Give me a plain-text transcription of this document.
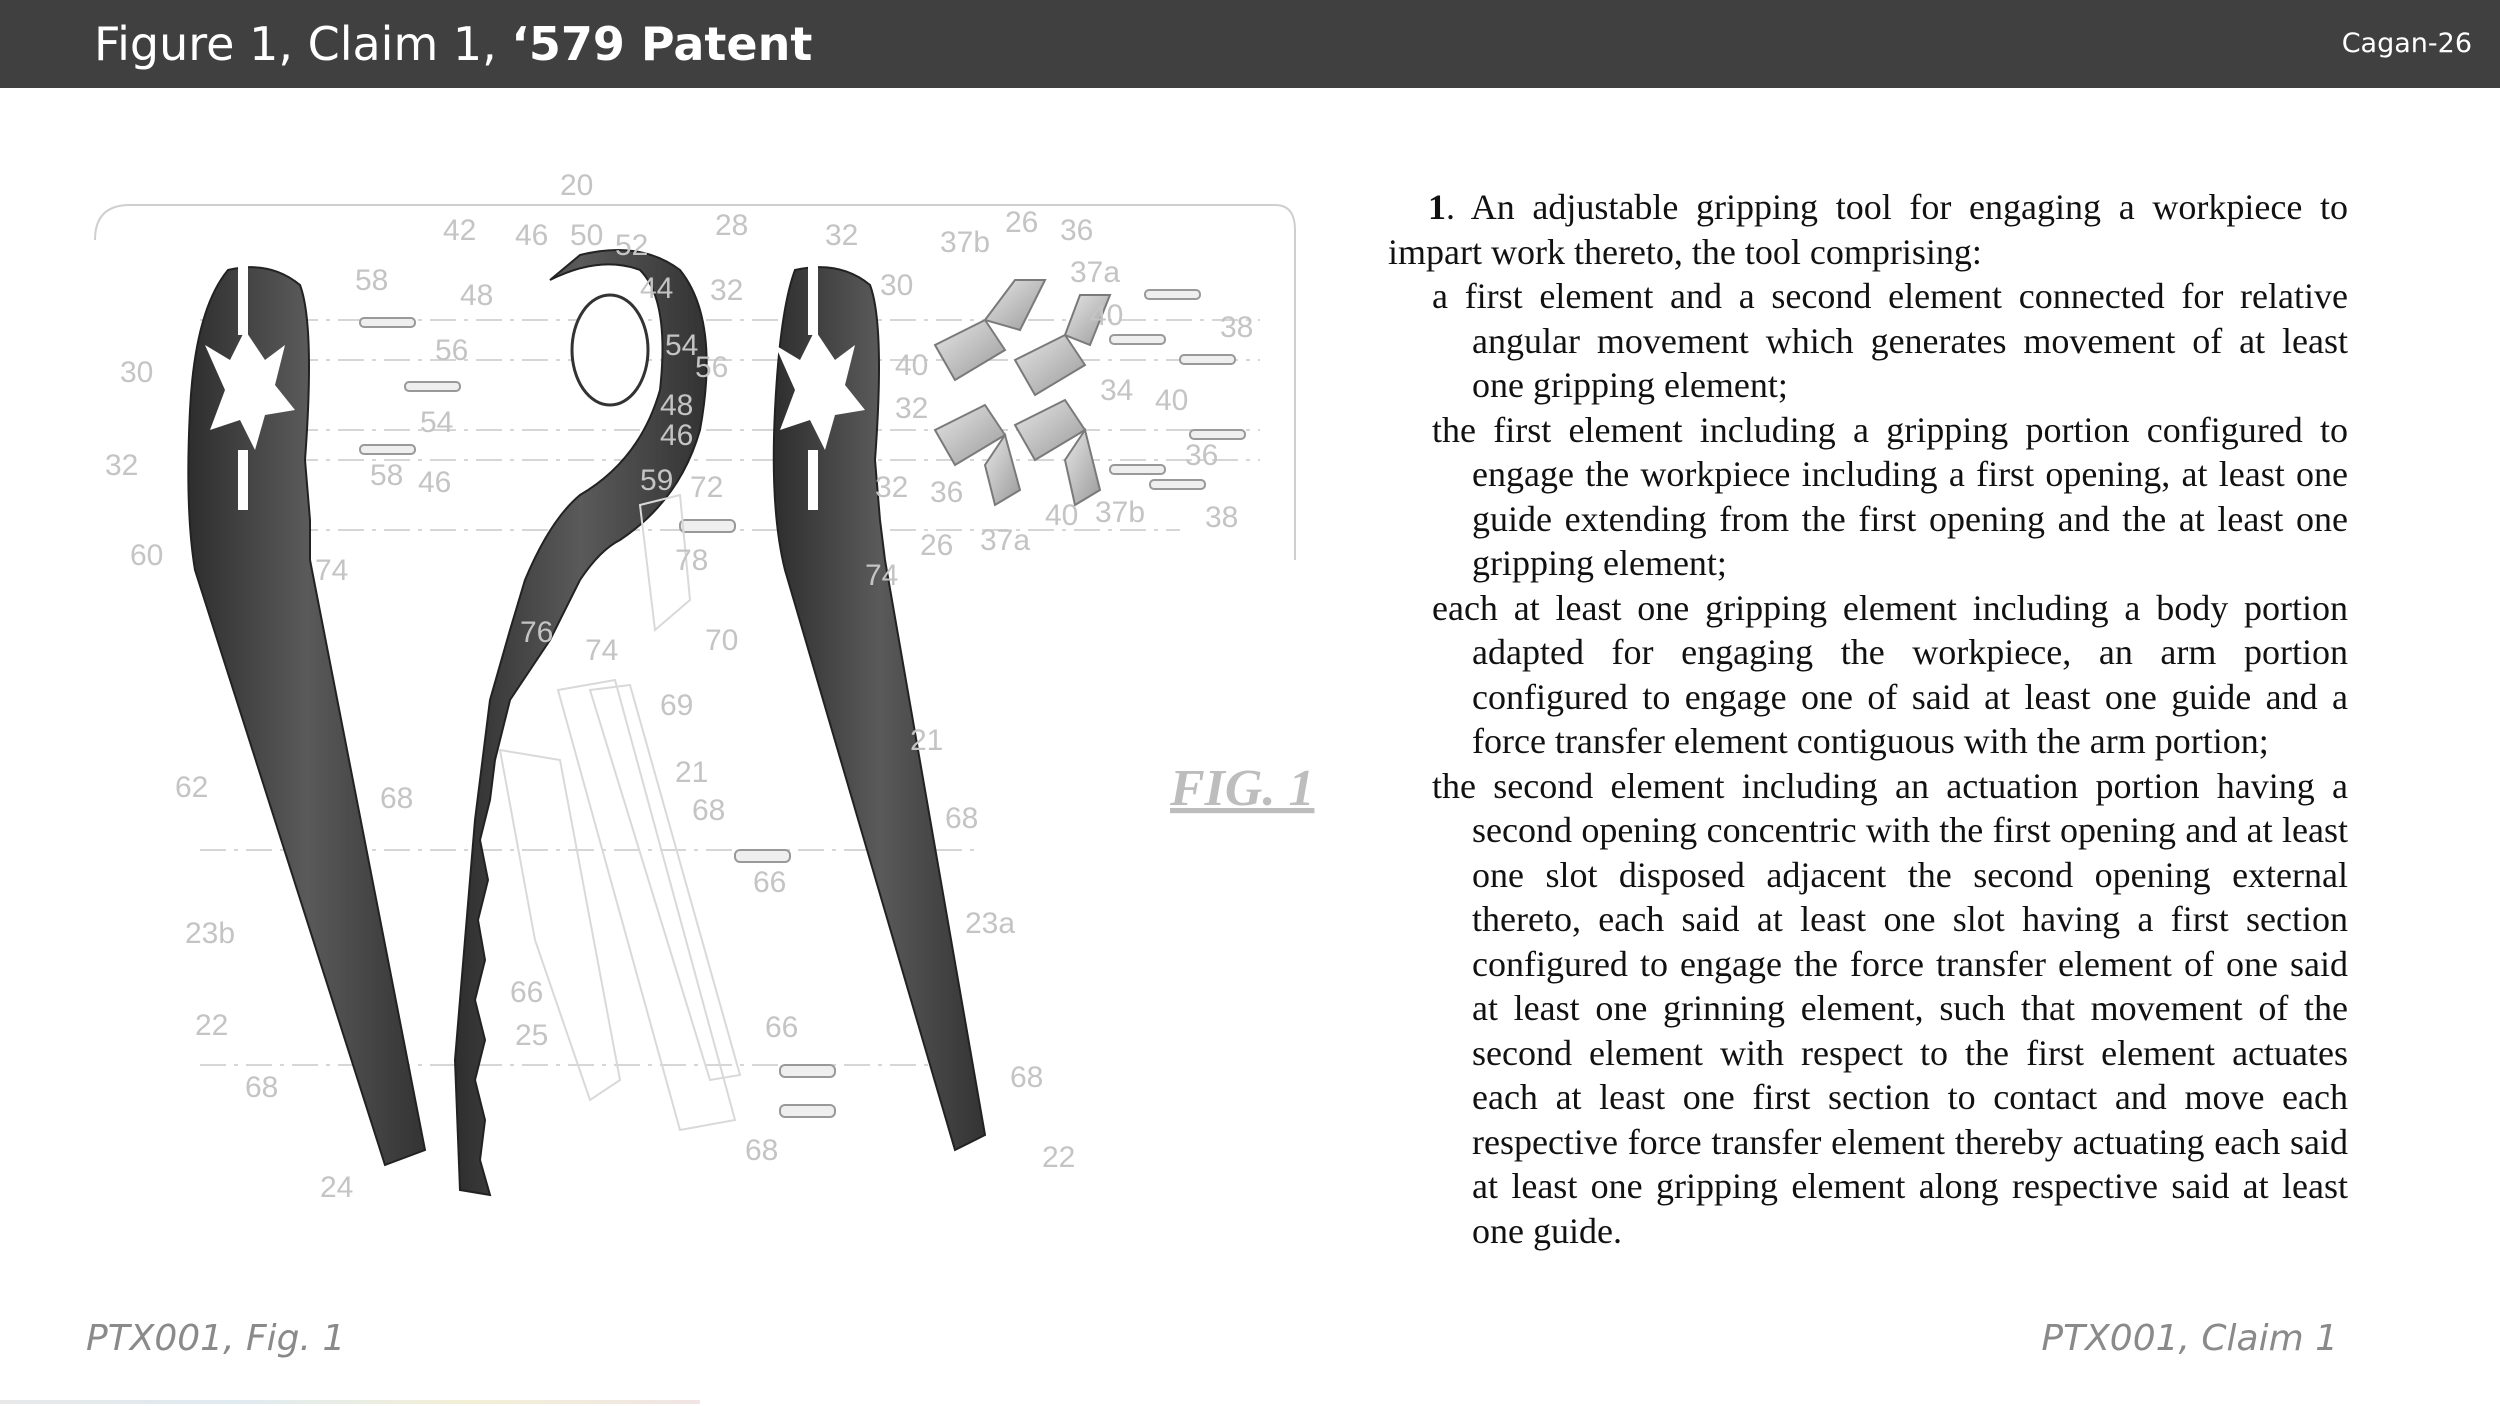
Figure 1, Claim 1, ‘579 Patent	Cagan-26
20
42 46 50 52
28	32	37b
26 36
58 48	44 32	30	37a
40	38
30
56	54
56	40
32
34 40
54
48
46
36
32	58 46	59 72	32 36
40 37b 38
60	74	78	26 37a
74
76
74	70
69
21
62	21
68	68	68
66
23b	23a
66
22	25	66
68	68
24
68	22
FIG. 1

1. An adjustable gripping tool for engaging a workpiece to impart work thereto, the tool comprising:

a first element and a second element connected for relative angular movement which generates movement of at least one gripping element;

the first element including a gripping portion configured to engage the workpiece including a first opening, at least one guide extending from the first opening and the at least one gripping element;

each at least one gripping element including a body portion adapted for engaging the workpiece, an arm portion configured to engage one of said at least one guide and a force transfer element contiguous with the arm portion;

the second element including an actuation portion having a second opening concentric with the first opening and at least one slot disposed adjacent the second opening external thereto, each said at least one slot having a first section configured to engage the force transfer element of one said at least one grinning element, such that movement of the second element with respect to the first element actuates each at least one first section to contact and move each respective force transfer element thereby actuating each said at least one gripping element along respective said at least one guide.

PTX001, Fig. 1	PTX001, Claim 1
